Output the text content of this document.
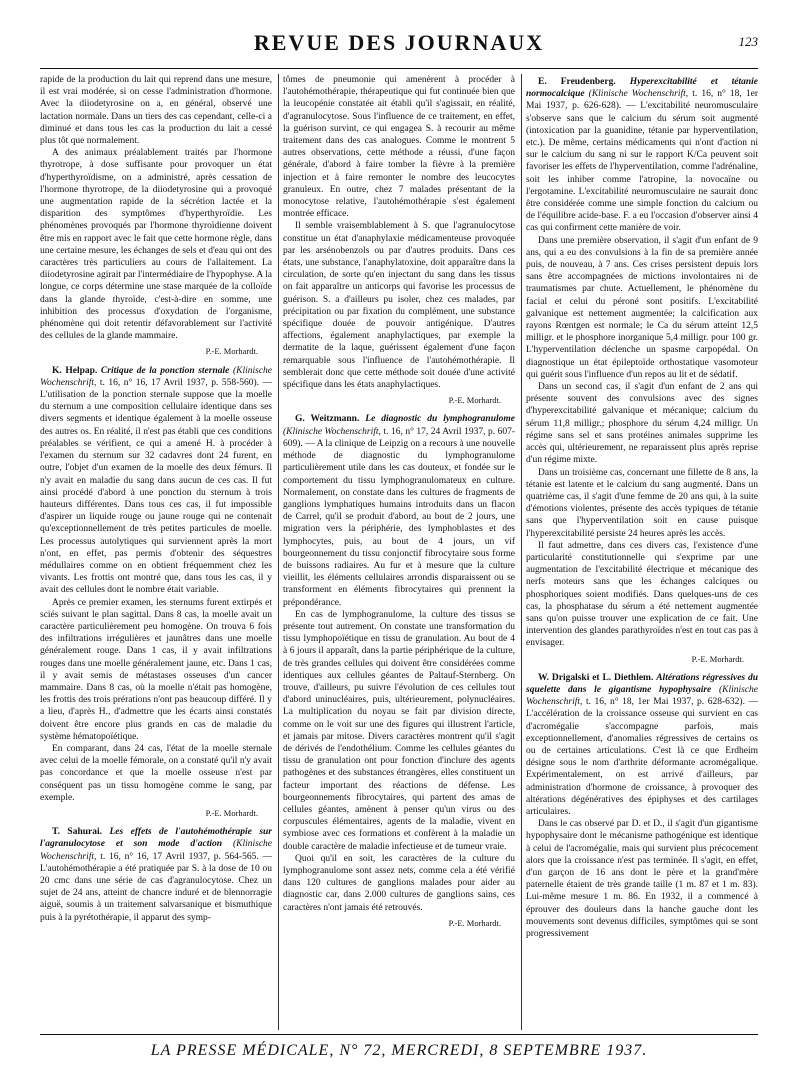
REVUE DES JOURNAUX	123

rapide de la production du lait qui reprend dans une mesure, il est vrai modérée, si on cesse l'administration d'hormone. Avec la diiodetyrosine on a, en général, observé une lactation normale. Dans un tiers des cas cependant, celle-ci a diminué et dans tous les cas la production du lait a cessé plus tôt que normalement.

A des animaux préalablement traités par l'hormone thyrotrope, à dose suffisante pour provoquer un état d'hyperthyroïdisme, on a administré, après cessation de l'hormone thyrotrope, de la diiodetyrosine qui a provoqué une augmentation rapide de la sécrétion lactée et la disparition des symptômes d'hyperthyroïdie. Les phénomènes provoqués par l'hormone thyroïdienne doivent être mis en rapport avec le fait que cette hormone règle, dans une certaine mesure, les échanges de sels et d'eau qui ont des caractères très particuliers au cours de l'allaitement. La diiodetyrosine agirait par l'intermédiaire de l'hypophyse. A la longue, ce corps détermine une stase marquée de la colloïde dans la glande thyroïde, c'est-à-dire en somme, une inhibition des processus d'oxydation de l'organisme, phénomène qui doit retentir défavorablement sur l'activité des cellules de la glande mammaire.

P.-E. Morhardt.

K. Helpap. Critique de la ponction sternale (Klinische Wochenschrift, t. 16, n° 16, 17 Avril 1937, p. 558-560). — L'utilisation de la ponction sternale suppose que la moelle du sternum a une composition cellulaire identique dans ses divers segments et identique également à la moelle osseuse des autres os. En réalité, il n'est pas établi que ces conditions préalables se vérifient, ce qui a amené H. à procéder à l'examen du sternum sur 32 cadavres dont 24 furent, en outre, l'objet d'un examen de la moelle des deux fémurs. Il n'y avait en maladie du sang dans aucun de ces cas. Il fut ainsi procédé d'abord à une ponction du sternum à trois hauteurs différentes. Dans tous ces cas, il fut impossible d'aspirer un liquide rouge ou jaune rouge qui ne contenait qu'exceptionnellement de très petites particules de moelle. Les processus autolytiques qui surviennent après la mort n'ont, en effet, pas permis d'obtenir des séquestres médullaires comme on en obtient fréquemment chez les vivants. Les frottis ont montré que, dans tous les cas, il y avait des cellules dont le nombre était variable.

Après ce premier examen, les sternums furent extirpés et sciés suivant le plan sagittal. Dans 8 cas, la moelle avait un caractère particulièrement peu homogène. On trouva 6 fois des infiltrations irrégulières et jaunâtres dans une moelle généralement rouge. Dans 1 cas, il y avait infiltrations rouges dans une moelle généralement jaune, etc. Dans 1 cas, il y avait semis de métastases osseuses d'un cancer mammaire. Dans 8 cas, où la moelle n'était pas homogène, les frottis des trois prérations n'ont pas beaucoup différé. Il y a lieu, d'après H., d'admettre que les écarts ainsi constatés doivent être encore plus grands en cas de maladie du système hématopoïétique.

En comparant, dans 24 cas, l'état de la moelle sternale avec celui de la moelle fémorale, on a constaté qu'il n'y avait pas concordance et que la moelle osseuse n'est par conséquent pas un tissu homogène comme le sang, par exemple.

P.-E. Morhardt.

T. Sahurai. Les effets de l'autohémothérapie sur l'agranulocytose et son mode d'action (Klinische Wochenschrift, t. 16, n° 16, 17 Avril 1937, p. 564-565. — L'autohémothérapie a été pratiquée par S. à la dose de 10 ou 20 cmc dans une série de cas d'agranulocytose. Chez un sujet de 24 ans, atteint de chancre induré et de blennorragie aiguë, soumis à un traitement salvarsanique et bismuthique puis à la pyrétothérapie, il apparut des symp-

tômes de pneumonie qui amenèrent à procéder à l'autohémothérapie, thérapeutique qui fut continuée bien que la leucopénie constatée ait établi qu'il s'agissait, en réalité, d'agranulocytose. Sous l'influence de ce traitement, en effet, la guérison survint, ce qui engagea S. à recourir au même traitement dans des cas analogues. Comme le montrent 5 autres observations, cette méthode a réussi, d'une façon générale, d'abord à faire tomber la fièvre à la première injection et à faire remonter le nombre des leucocytes granuleux. En outre, chez 7 malades présentant de la monocytose relative, l'autohémothérapie s'est également montrée efficace.

Il semble vraisemblablement à S. que l'agranulocytose constitue un état d'anaphylaxie médicamenteuse provoquée par les arsénobenzols ou par d'autres produits. Dans ces états, une substance, l'anaphylatoxine, doit apparaître dans la circulation, de sorte qu'en injectant du sang dans les tissus on fait apparaître un anticorps qui favorise les processus de guérison. S. a d'ailleurs pu isoler, chez ces malades, par précipitation ou par fixation du complément, une substance spécifique douée de pouvoir antigénique. D'autres affections, également anaphylactiques, par exemple la dermatite de la laque, guérissent également d'une façon remarquable sous l'influence de l'autohémothérapie. Il semblerait donc que cette méthode soit douée d'une activité spécifique dans les états anaphylactiques.

P.-E. Morhardt.

G. Weitzmann. Le diagnostic du lymphogranulome (Klinische Wochenschrift, t. 16, n° 17, 24 Avril 1937, p. 607-609). — A la clinique de Leipzig on a recours à une nouvelle méthode de diagnostic du lymphogranulome particulièrement utile dans les cas douteux, et fondée sur le comportement du tissu lymphogranulomateux en culture. Normalement, on constate dans les cultures de fragments de ganglions lymphatiques humains introduits dans un flacon de Carrel, qu'il se produit d'abord, au bout de 2 jours, une migration vers la périphérie, des lymphoblastes et des lymphocytes, puis, au bout de 4 jours, un vif bourgeonnement du tissu conjonctif fibrocytaire sous forme de buissons radiaires. Au fur et à mesure que la culture vieillit, les éléments cellulaires arrondis disparaissent ou se transforment en éléments fibrocytaires qui prennent la prépondérance.

En cas de lymphogranulome, la culture des tissus se présente tout autrement. On constate une transformation du tissu lymphopoïétique en tissu de granulation. Au bout de 4 à 6 jours il apparaît, dans la partie périphérique de la culture, de très grandes cellules qui doivent être considérées comme identiques aux cellules géantes de Paltauf-Sternberg. On trouve, d'ailleurs, pu suivre l'évolution de ces cellules tout d'abord uninucléaires, puis, ultérieurement, polynucléaires. La multiplication du noyau se fait par division directe, comme on le voit sur une des figures qui illustrent l'article, et jamais par mitose. Divers caractères montrent qu'il s'agit de dérivés de l'endothélium. Comme les cellules géantes du tissu de granulation ont pour fonction d'inclure des agents pathogènes et des substances étrangères, elles constituent un facteur important des réactions de défense. Les bourgeonnements fibrocytaires, qui partent des amas de cellules géantes, amènent à penser qu'un virus ou des corpuscules élémentaires, agents de la maladie, vivent en symbiose avec ces formations et confèrent à la maladie un double caractère de maladie infectieuse et de tumeur vraie.

Quoi qu'il en soit, les caractères de la culture du lymphogranulome sont assez nets, comme cela a été vérifié dans 120 cultures de ganglions malades pour aider au diagnostic car, dans 2.000 cultures de ganglions sains, ces caractères n'ont jamais été retrouvés.

P.-E. Morhardt.

E. Freudenberg. Hyperexcitabilité et tétanie normocalcique (Klinische Wochenschrift, t. 16, n° 18, 1er Mai 1937, p. 626-628). — L'excitabilité neuromusculaire s'observe sans que le calcium du sérum soit augmenté (intoxication par la guanidine, tétanie par hyperventilation, etc.). De même, certains médicaments qui n'ont d'action ni sur le calcium du sang ni sur le rapport K/Ca peuvent soit favoriser les effets de l'hyperventilation, comme l'adrénaline, soit les inhiber comme l'atropine, la novocaïne ou l'ergotamine. L'excitabilité neuromusculaire ne saurait donc être considérée comme une simple fonction du calcium ou de l'équilibre acide-base. F. a eu l'occasion d'observer ainsi 4 cas qui confirment cette manière de voir.

Dans une première observation, il s'agit d'un enfant de 9 ans, qui a eu des convulsions à la fin de sa première année puis, de nouveau, à 7 ans. Ces crises persistent depuis lors sans être accompagnées de mictions involontaires ni de traumatismes par chute. Actuellement, le phénomène du facial et celui du péroné sont positifs. L'excitabilité galvanique est nettement augmentée; la calcification aux rayons Rœntgen est normale; le Ca du sérum atteint 12,5 milligr. et le phosphore inorganique 5,4 milligr. pour 100 gr. L'hyperventilation déclenche un spasme carpopédal. On diagnostique un état épileptoïde orthostatique vasomoteur qui guérit sous l'influence d'un repos au lit et de sédatif.

Dans un second cas, il s'agit d'un enfant de 2 ans qui présente souvent des convulsions avec des signes d'hyperexcitabilité galvanique et mécanique; calcium du sérum 11,8 milligr.; phosphore du sérum 4,24 milligr. Un régime sans sel et sans protéines animales supprime les accès qui, ultérieurement, ne reparaissent plus après reprise d'un régime mixte.

Dans un troisième cas, concernant une fillette de 8 ans, la tétanie est latente et le calcium du sang augmenté. Dans un quatrième cas, il s'agit d'une femme de 20 ans qui, à la suite d'émotions violentes, présente des accès typiques de tétanie sans que l'hyperventilation soit en cause puisque l'hyperexcitabilité persiste 24 heures après les accès.

Il faut admettre, dans ces divers cas, l'existence d'une particularité constitutionnelle qui s'exprime par une augmentation de l'excitabilité électrique et mécanique des nerfs moteurs sans que les échanges calciques ou phosphoriques soient modifiés. Dans quelques-uns de ces cas, la phosphatase du sérum a été nettement augmentée sans qu'on puisse trouver une explication de ce fait. Une intervention des glandes parathyroïdes n'est en tout cas pas à envisager.

P.-E. Morhardt.

W. Drigalski et L. Diethlem. Altérations régressives du squelette dans le gigantisme hypophysaire (Klinische Wochenschrift, t. 16, n° 18, 1er Mai 1937, p. 628-632). — L'accélération de la croissance osseuse qui survient en cas d'acromégalie s'accompagne parfois, mais exceptionnellement, d'anomalies régressives de certains os ou de certaines articulations. C'est là ce que Erdheim désigne sous le nom d'arthrite déformante acromégalique. Expérimentalement, on est arrivé d'ailleurs, par administration d'hormone de croissance, à provoquer des altérations dégénératives des épiphyses et des cartilages articulaires.

Dans le cas observé par D. et D., il s'agit d'un gigantisme hypophysaire dont le mécanisme pathogénique est identique à celui de l'acromégalie, mais qui survient plus précocement alors que la croissance n'est pas terminée. Il s'agit, en effet, d'un garçon de 16 ans dont le père et la grand'mère paternelle étaient de très grande taille (1 m. 87 et 1 m. 83). Lui-même mesure 1 m. 86. En 1932, il a commencé à éprouver des douleurs dans la hanche gauche dont les mouvements sont devenus difficiles, symptômes qui se sont progressivement

LA PRESSE MÉDICALE, N° 72, MERCREDI, 8 SEPTEMBRE 1937.
